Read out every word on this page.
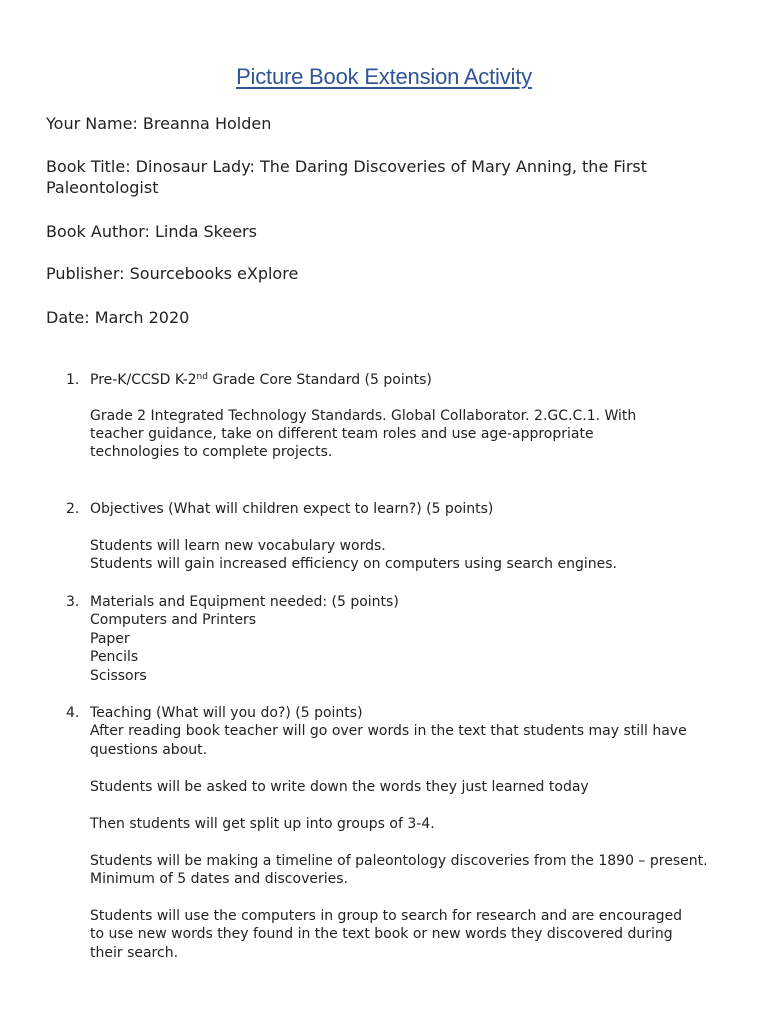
Picture Book Extension Activity
Your Name: Breanna Holden
Book Title: Dinosaur Lady: The Daring Discoveries of Mary Anning, the First
Paleontologist
Book Author: Linda Skeers
Publisher: Sourcebooks eXplore
Date: March 2020
1. Pre-K/CCSD K-2nd Grade Core Standard (5 points)
Grade 2 Integrated Technology Standards. Global Collaborator. 2.GC.C.1. With
teacher guidance, take on different team roles and use age-appropriate
technologies to complete projects.
2. Objectives (What will children expect to learn?) (5 points)
Students will learn new vocabulary words.
Students will gain increased efficiency on computers using search engines.
3. Materials and Equipment needed: (5 points)
Computers and Printers
Paper
Pencils
Scissors
4. Teaching (What will you do?) (5 points)
After reading book teacher will go over words in the text that students may still have
questions about.
Students will be asked to write down the words they just learned today
Then students will get split up into groups of 3-4.
Students will be making a timeline of paleontology discoveries from the 1890 – present.
Minimum of 5 dates and discoveries.
Students will use the computers in group to search for research and are encouraged
to use new words they found in the text book or new words they discovered during
their search.
